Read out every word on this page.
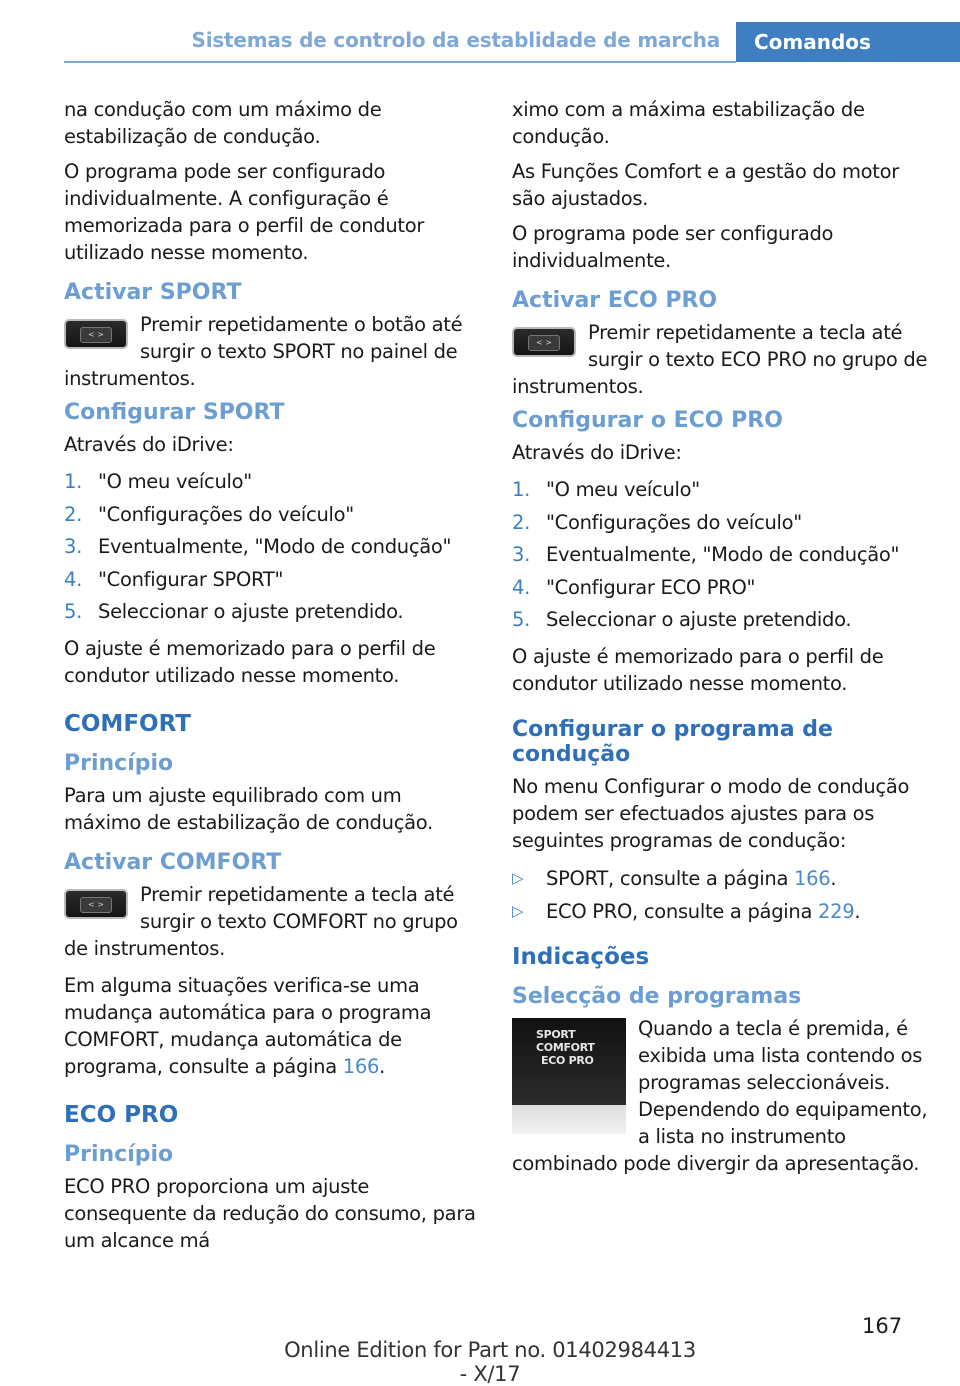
Sistemas de controlo da establidade de marcha	Comandos

na condução com um máximo de estabilização de condução.

O programa pode ser configurado individualmente. A configuração é memorizada para o perfil de condutor utilizado nesse momento.

Activar SPORT
< >	Premir repetidamente o botão até surgir o texto SPORT no painel de instrumentos.

Configurar SPORT

Através do iDrive:

1. "O meu veículo"
2. "Configurações do veículo"
3. Eventualmente, "Modo de condução"
4. "Configurar SPORT"
5. Seleccionar o ajuste pretendido.

O ajuste é memorizado para o perfil de condutor utilizado nesse momento.

COMFORT
Princípio

Para um ajuste equilibrado com um máximo de estabilização de condução.

Activar COMFORT
< >	Premir repetidamente a tecla até surgir o texto COMFORT no grupo de instrumentos.

Em alguma situações verifica-se uma mudança automática para o programa COMFORT, mudança automática de programa, consulte a página 166.

ECO PRO
Princípio

ECO PRO proporciona um ajuste consequente da redução do consumo, para um alcance má

ximo com a máxima estabilização de condução.

As Funções Comfort e a gestão do motor são ajustados.

O programa pode ser configurado individualmente.

Activar ECO PRO
< >	Premir repetidamente a tecla até surgir o texto ECO PRO no grupo de instrumentos.

Configurar o ECO PRO

Através do iDrive:

1. "O meu veículo"
2. "Configurações do veículo"
3. Eventualmente, "Modo de condução"
4. "Configurar ECO PRO"
5. Seleccionar o ajuste pretendido.

O ajuste é memorizado para o perfil de condutor utilizado nesse momento.

Configurar o programa de condução

No menu Configurar o modo de condução podem ser efectuados ajustes para os seguintes programas de condução:

▷ SPORT, consulte a página 166.
▷ ECO PRO, consulte a página 229.
Indicações
Selecção de programas
SPORT
COMFORT
ECO PRO

Quando a tecla é premida, é exibida uma lista contendo os programas seleccionáveis. Dependendo do equipamento, a lista no instrumento combinado pode divergir da apresentação.

167
Online Edition for Part no. 01402984413 - X/17
